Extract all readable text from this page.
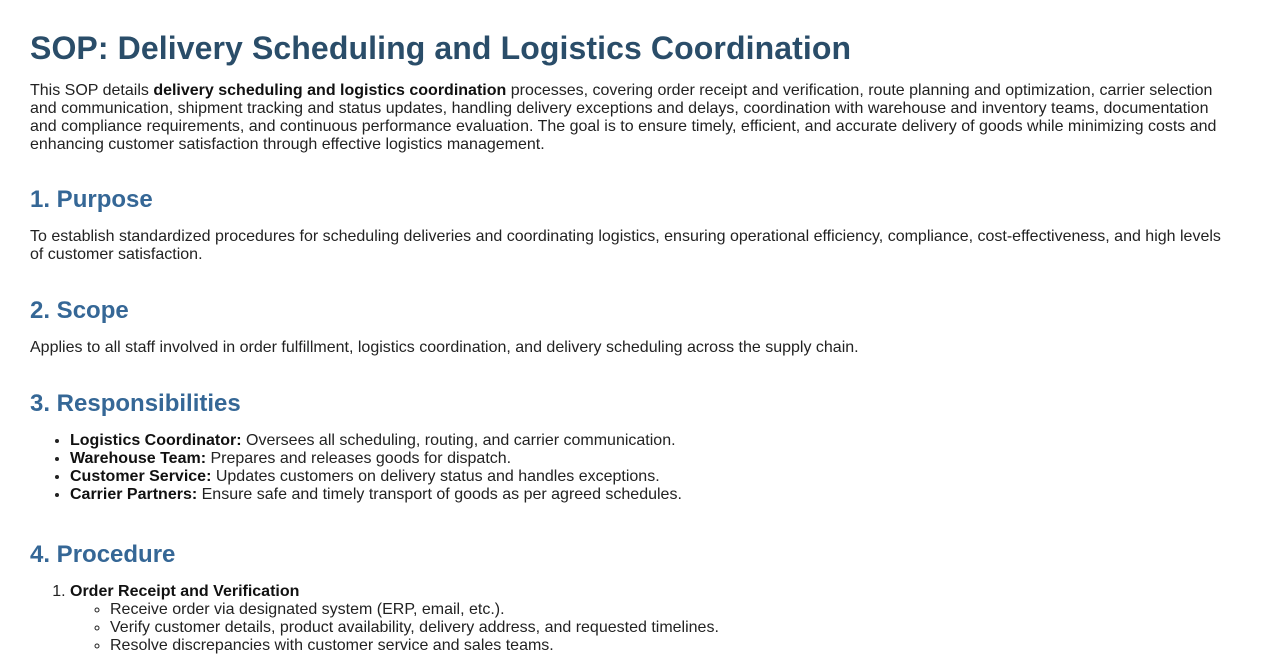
SOP: Delivery Scheduling and Logistics Coordination

This SOP details delivery scheduling and logistics coordination processes, covering order receipt and verification, route planning and optimization, carrier selection and communication, shipment tracking and status updates, handling delivery exceptions and delays, coordination with warehouse and inventory teams, documentation and compliance requirements, and continuous performance evaluation. The goal is to ensure timely, efficient, and accurate delivery of goods while minimizing costs and enhancing customer satisfaction through effective logistics management.

1. Purpose

To establish standardized procedures for scheduling deliveries and coordinating logistics, ensuring operational efficiency, compliance, cost-effectiveness, and high levels of customer satisfaction.

2. Scope

Applies to all staff involved in order fulfillment, logistics coordination, and delivery scheduling across the supply chain.

3. Responsibilities
• Logistics Coordinator: Oversees all scheduling, routing, and carrier communication.
• Warehouse Team: Prepares and releases goods for dispatch.
• Customer Service: Updates customers on delivery status and handles exceptions.
• Carrier Partners: Ensure safe and timely transport of goods as per agreed schedules.
4. Procedure
1. Order Receipt and Verification
◦ Receive order via designated system (ERP, email, etc.).
◦ Verify customer details, product availability, delivery address, and requested timelines.
◦ Resolve discrepancies with customer service and sales teams.
